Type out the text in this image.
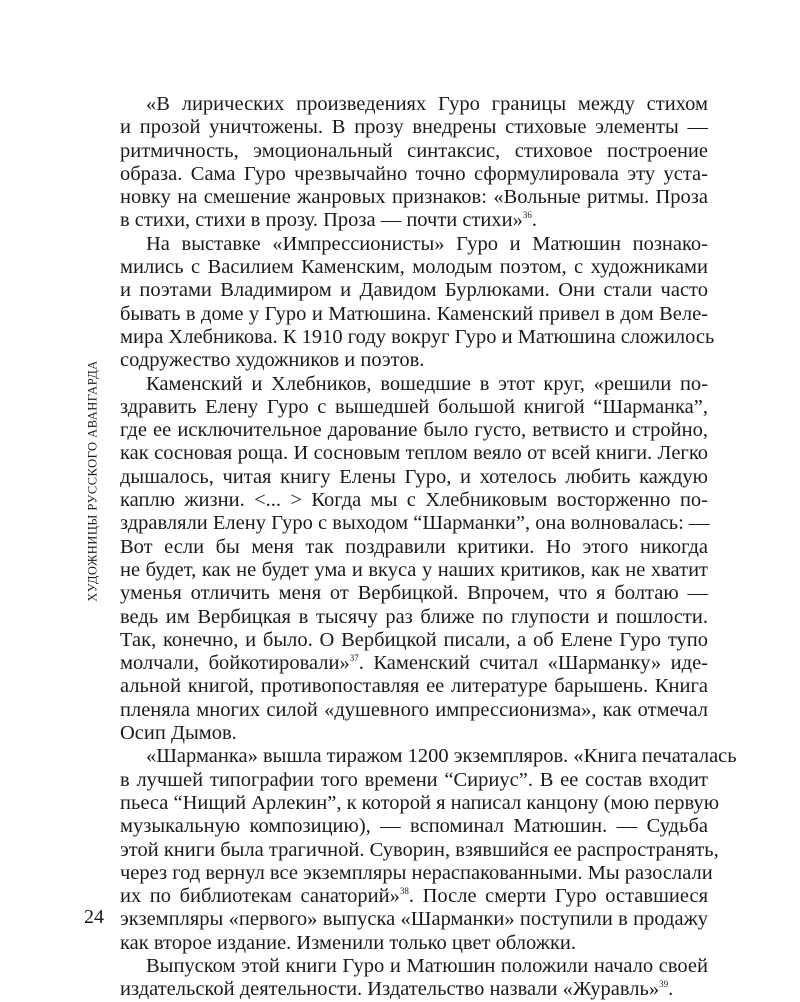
ХУДОЖНИЦЫ РУССКОГО АВАНГАРДА

«В лирических произведениях Гуро границы между стихом
и прозой уничтожены. В прозу внедрены стиховые элементы —
ритмичность, эмоциональный синтаксис, стиховое построение
образа. Сама Гуро чрезвычайно точно сформулировала эту уста-
новку на смешение жанровых признаков: «Вольные ритмы. Проза
в стихи, стихи в прозу. Проза — почти стихи»$^{36}$.

На выставке «Импрессионисты» Гуро и Матюшин познако-
мились с Василием Каменским, молодым поэтом, с художниками
и поэтами Владимиром и Давидом Бурлюками. Они стали часто
бывать в доме у Гуро и Матюшина. Каменский привел в дом Веле-
мира Хлебникова. К 1910 году вокруг Гуро и Матюшина сложилось
содружество художников и поэтов.

Каменский и Хлебников, вошедшие в этот круг, «решили по-
здравить Елену Гуро с вышедшей большой книгой “Шарманка”,
где ее исключительное дарование было густо, ветвисто и стройно,
как сосновая роща. И сосновым теплом веяло от всей книги. Легко
дышалось, читая книгу Елены Гуро, и хотелось любить каждую
каплю жизни. <... > Когда мы с Хлебниковым восторженно по-
здравляли Елену Гуро с выходом “Шарманки”, она волновалась: —
Вот если бы меня так поздравили критики. Но этого никогда
не будет, как не будет ума и вкуса у наших критиков, как не хватит
уменья отличить меня от Вербицкой. Впрочем, что я болтаю —
ведь им Вербицкая в тысячу раз ближе по глупости и пошлости.
Так, конечно, и было. О Вербицкой писали, а об Елене Гуро тупо
молчали, бойкотировали»$^{37}$. Каменский считал «Шарманку» иде-
альной книгой, противопоставляя ее литературе барышень. Книга
пленяла многих силой «душевного импрессионизма», как отмечал
Осип Дымов.

«Шарманка» вышла тиражом 1200 экземпляров. «Книга печаталась
в лучшей типографии того времени “Сириус”. В ее состав входит
пьеса “Нищий Арлекин”, к которой я написал канцону (мою первую
музыкальную композицию), — вспоминал Матюшин. — Судьба
этой книги была трагичной. Суворин, взявшийся ее распространять,
через год вернул все экземпляры нераспакованными. Мы разослали
их по библиотекам санаторий»$^{38}$. После смерти Гуро оставшиеся
экземпляры «первого» выпуска «Шарманки» поступили в продажу
как второе издание. Изменили только цвет обложки.

Выпуском этой книги Гуро и Матюшин положили начало своей
издательской деятельности. Издательство назвали «Журавль»$^{39}$.

24
